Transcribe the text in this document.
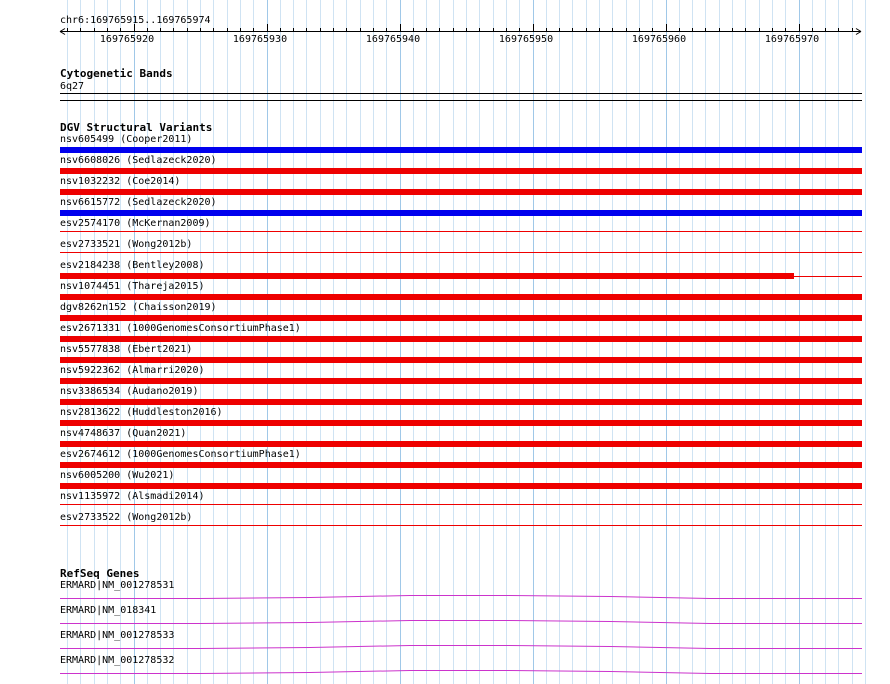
chr6:169765915..169765974
169765920	169765930	169765940	169765950	169765960	169765970
Cytogenetic Bands
6q27
DGV Structural Variants
nsv605499 (Cooper2011)
nsv6608026 (Sedlazeck2020)
nsv1032232 (Coe2014)
nsv6615772 (Sedlazeck2020)
esv2574170 (McKernan2009)
esv2733521 (Wong2012b)
esv2184238 (Bentley2008)
nsv1074451 (Thareja2015)
dgv8262n152 (Chaisson2019)
esv2671331 (1000GenomesConsortiumPhase1)
nsv5577838 (Ebert2021)
nsv5922362 (Almarri2020)
nsv3386534 (Audano2019)
nsv2813622 (Huddleston2016)
nsv4748637 (Quan2021)
esv2674612 (1000GenomesConsortiumPhase1)
nsv6005200 (Wu2021)
nsv1135972 (Alsmadi2014)
esv2733522 (Wong2012b)
RefSeq Genes
ERMARD|NM_001278531
ERMARD|NM_018341
ERMARD|NM_001278533
ERMARD|NM_001278532
